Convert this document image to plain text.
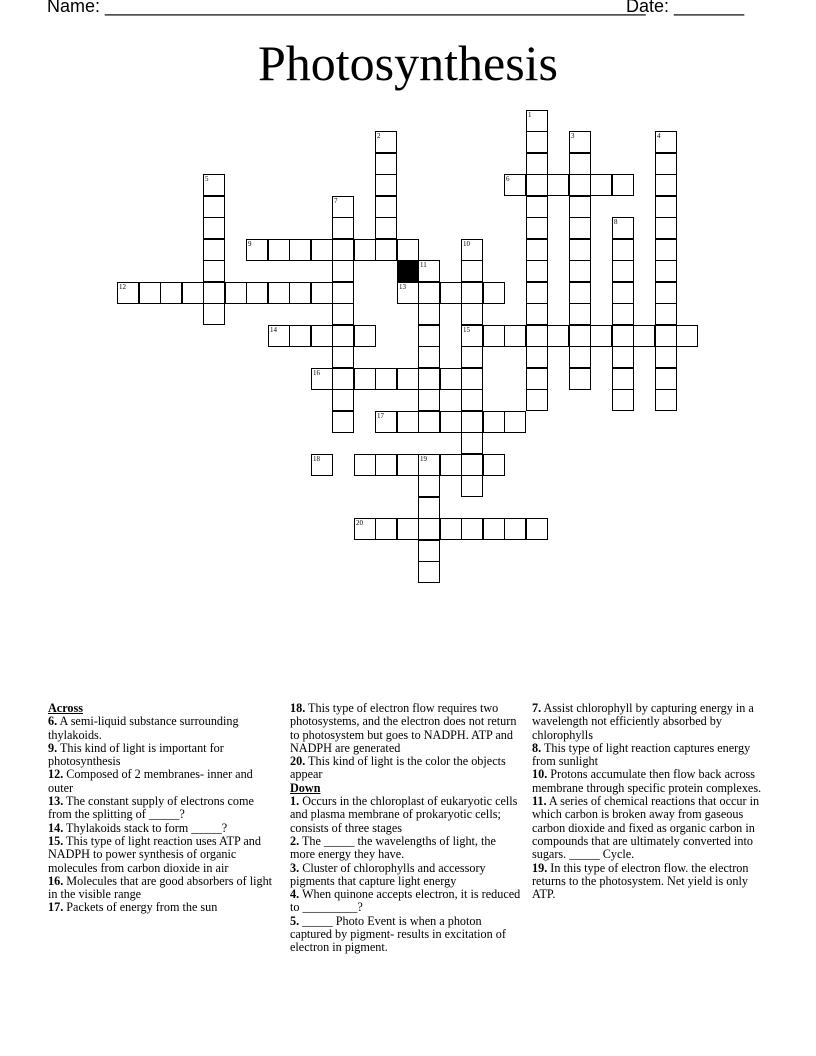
Name: ______________________________________________________
Date: _______
Photosynthesis
1
2	3	4
5	6
7
8
9	10
15
11
12	13
14
16
17
18	19
20
Across

6. A semi-liquid substance surrounding thylakoids.

9. This kind of light is important for photosynthesis

12. Composed of 2 membranes- inner and outer

13. The constant supply of electrons come from the splitting of _____?

14. Thylakoids stack to form _____?

15. This type of light reaction uses ATP and NADPH to power synthesis of organic molecules from carbon dioxide in air

16. Molecules that are good absorbers of light in the visible range

17. Packets of energy from the sun

18. This type of electron flow requires two photosystems, and the electron does not return to photosystem but goes to NADPH. ATP and NADPH are generated

20. This kind of light is the color the objects appear

Down

1. Occurs in the chloroplast of eukaryotic cells and plasma membrane of prokaryotic cells; consists of three stages

2. The _____ the wavelengths of light, the more energy they have.

3. Cluster of chlorophylls and accessory pigments that capture light energy

4. When quinone accepts electron, it is reduced to _________?

5. _____ Photo Event is when a photon captured by pigment- results in excitation of electron in pigment.

7. Assist chlorophyll by capturing energy in a wavelength not efficiently absorbed by chlorophylls

8. This type of light reaction captures energy from sunlight

10. Protons accumulate then flow back across membrane through specific protein complexes.

11. A series of chemical reactions that occur in which carbon is broken away from gaseous carbon dioxide and fixed as organic carbon in compounds that are ultimately converted into sugars. _____ Cycle.

19. In this type of electron flow. the electron returns to the photosystem. Net yield is only ATP.
